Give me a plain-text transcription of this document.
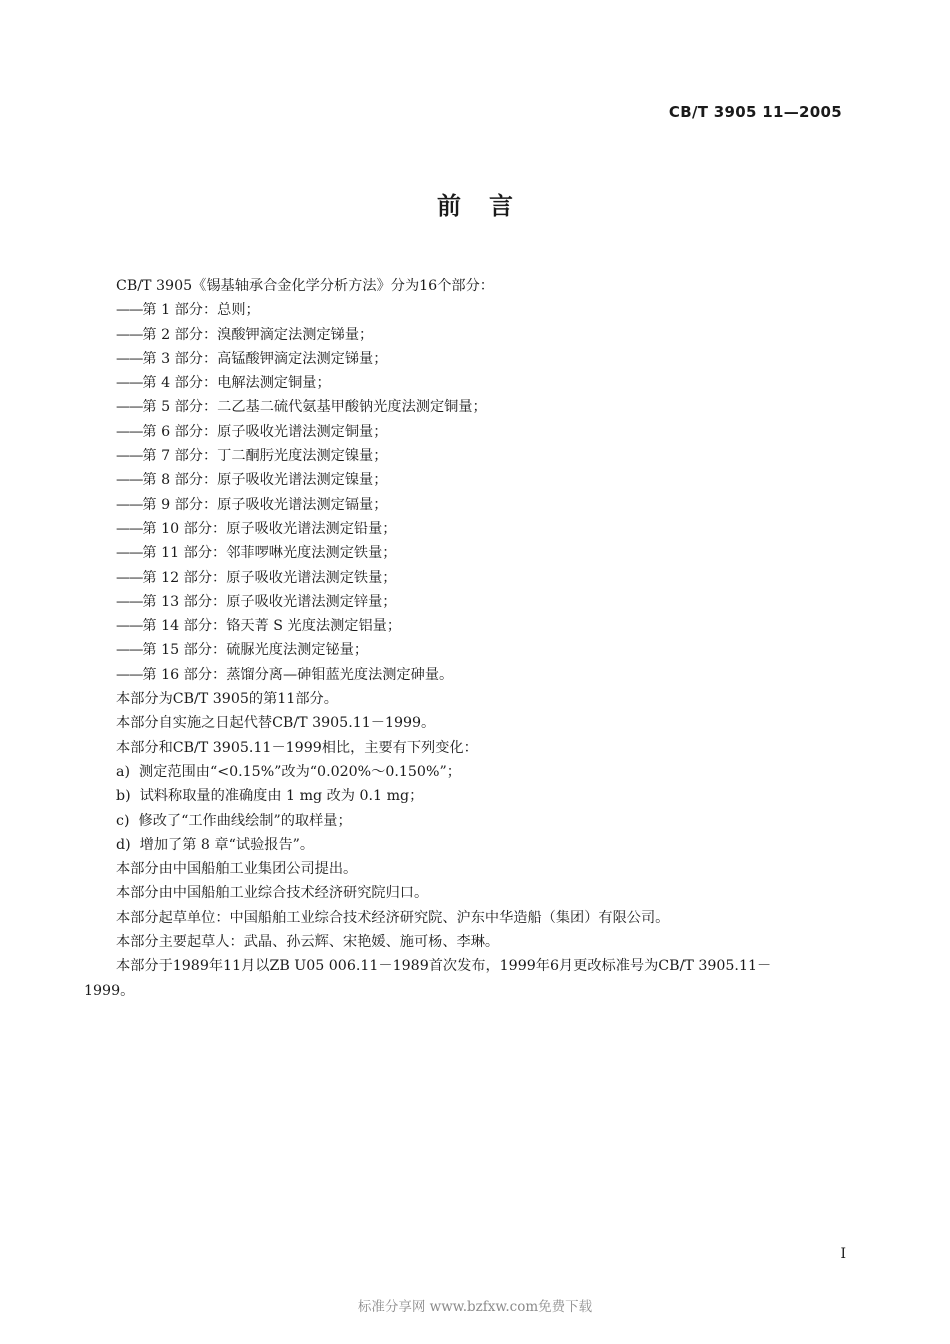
CB/T 3905 11—2005
前言
CB/T 3905《锡基轴承合金化学分析方法》分为16个部分：
——第 1 部分：总则；
——第 2 部分：溴酸钾滴定法测定锑量；
——第 3 部分：高锰酸钾滴定法测定锑量；
——第 4 部分：电解法测定铜量；
——第 5 部分：二乙基二硫代氨基甲酸钠光度法测定铜量；
——第 6 部分：原子吸收光谱法测定铜量；
——第 7 部分：丁二酮肟光度法测定镍量；
——第 8 部分：原子吸收光谱法测定镍量；
——第 9 部分：原子吸收光谱法测定镉量；
——第 10 部分：原子吸收光谱法测定铅量；
——第 11 部分：邻菲啰啉光度法测定铁量；
——第 12 部分：原子吸收光谱法测定铁量；
——第 13 部分：原子吸收光谱法测定锌量；
——第 14 部分：铬天菁 S 光度法测定铝量；
——第 15 部分：硫脲光度法测定铋量；
——第 16 部分：蒸馏分离—砷钼蓝光度法测定砷量。
本部分为CB/T 3905的第11部分。
本部分自实施之日起代替CB/T 3905.11－1999。
本部分和CB/T 3905.11－1999相比，主要有下列变化：
a) 测定范围由“<0.15%”改为“0.020%～0.150%”；
b) 试料称取量的准确度由 1 mg 改为 0.1 mg；
c) 修改了“工作曲线绘制”的取样量；
d) 增加了第 8 章“试验报告”。
本部分由中国船舶工业集团公司提出。
本部分由中国船舶工业综合技术经济研究院归口。
本部分起草单位：中国船舶工业综合技术经济研究院、沪东中华造船（集团）有限公司。
本部分主要起草人：武晶、孙云辉、宋艳媛、施可杨、李琳。
本部分于1989年11月以ZB U05 006.11－1989首次发布，1999年6月更改标准号为CB/T 3905.11－
1999。
I
标准分享网 www.bzfxw.com免费下载
